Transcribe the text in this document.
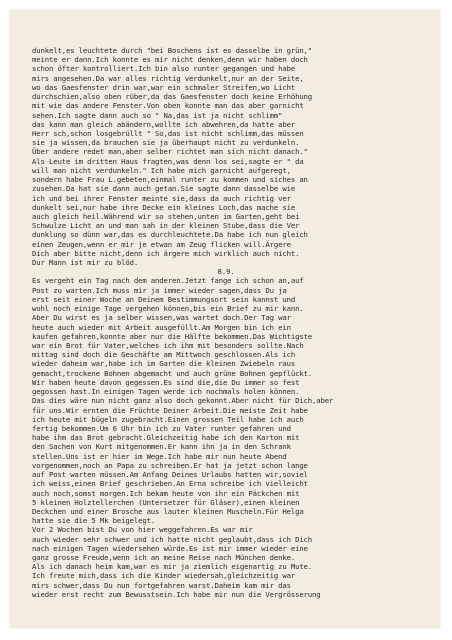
dunkelt,es leuchtete durch "bei Boschens ist es dasselbe in grün,"
meinte er dann.Ich konnte es mir nicht denken,denn wir haben doch
schon öfter kontrolliert.Ich bin also runter gegangen und habe
mirs angesehen.Da war alles richtig verdunkelt,nur an der Seite,
wo das Gaesfenster drin war,war ein schmaler Streifen,wo Licht
durchschien,also oben rüber,da das Gaesfenster doch keine Erhöhung
mit wie das andere Fenster.Von oben konnte man das aber garnicht
sehen.Ich sagte dann auch so " Na,das ist ja nicht schlimm"
das kann man gleich abändern,wollte ich abwehren,da hatte aber
Herr sch,schon losgebrüllt " So,das ist nicht schlimm,das müssen
sie ja wissen,da brauchen sie ja überhaupt nicht zu verdunkeln.
Über andere redet man,aber selber richtet man sich nicht danach."
Als Leute im dritten Haus fragten,was denn los sei,sagte er " da
will man nicht verdunkeln." Ich habe mich garnicht aufgeregt,
sondern habe Frau L.gebeten,einmal runter zu kommen und siches an
zusehen.Da hat sie dann auch getan.Sie sagte dann dasselbe wie
ich und bei ihrer Fenster meinte sie,dass da auch richtig ver
dunkelt sei,nur habe ihre Decke ein kleines Loch,das mache sie
auch gleich heil.Während wir so stehen,unten im Garten,geht bei
Schwulze Licht an und man sah in der kleinen Stube,dass die Ver
dunklung so dünn war,das es durchleuchtete.Da habe ich nun gleich
einen Zeugen,wenn er mir je etwan am Zeug flicken will.Ärgere
Dich aber bitte nicht,denn ich ärgere mich wirklich auch nicht.
Dur Mann ist mir zu blöd.
8.9.
Es vergeht ein Tag nach dem anderen.Jetzt fange ich schon an,auf
Post zu warten.Ich muss mir ja immer wieder sagen,dass Du ja
erst seit einer Woche an Deinem Bestimmungsort sein kannst und
wohl noch einige Tage vergehen können,bis ein Brief zu mir kann.
Aber Du wirst es ja selber wissen,was wartet doch.Der Tag war
heute auch wieder mit Arbeit ausgefüllt.Am Morgen bin ich ein
kaufen gefahren,konnte aber nur die Hälfte bekommen.Das Wichtigste
war ein Brot für Vater,welches ich ihm mit besonders sollte.Nach
mittag sind doch die Geschäfte am Mittwoch geschlossen.Als ich
wieder daheim war,habe ich im Garten die kleinen Zwiebeln raus
gemacht,trockene Bohnen abgemacht und auch grüne Bohnen gepflückt.
Wir haben heute davon gegessen.Es sind die,die Du immer so fest
gegossen hast.In einigen Tagen werde ich nochmals holen können.
Das dies wäre nun nicht ganz also doch gekonnt.Aber nicht für Dich,aber
für uns.Wir ernten die Früchte Deiner Arbeit.Die meiste Zeit habe
ich heute mit bügeln zugebracht.Einen grossen Teil habe ich auch
fertig bekommen.Um 6 Uhr bin ich zu Vater runter gefahren und
habe ihm das Brot gebracht.Gleichzeitig habe ich den Karton mit
den Sachen von Kurt mitgenommen.Er kann ihn ja in den Schrank
stellen.Uns ist er hier im Wege.Ich habe mir nun heute Abend
vorgenommen,noch an Papa zu schreiben.Er hat ja jetzt schon lange
auf Post warten müssen.Am Anfang Deines Urlaubs hatten wir,soviel
ich weiss,einen Brief geschrieben.An Erna schreibe ich vielleicht
auch noch,somst morgen.Ich bekam heute von ihr ein Päckchen mit
5 kleinen Holztellerchen (Untersetzer für Gläser),einen kleinen
Deckchen und einer Brosche aus lauter kleinen Muscheln.Für Helga
hatte sie die 5 Mk beigelegt.
Vor 2 Wochen bist Du von hier weggefahren.Es war mir
auch wieder sehr schwer und ich hatte nicht geglaubt,dass ich Dich
nach einigen Tagen wiedersehen würde.Es ist mir immer wieder eine
ganz grosse Freude,wenn ich an meine Reise nach München denke.
Als ich danach heim kam,war es mir ja ziemlich eigenartig zu Mute.
Ich freute mich,dass ich die Kinder wiedersah,gleichzeitig war
mirs schwer,dass Du nun fortgefahren warst.Daheim kam mir das
wieder erst recht zum Bewusstsein.Ich habe mir nun die Vergrösserung
